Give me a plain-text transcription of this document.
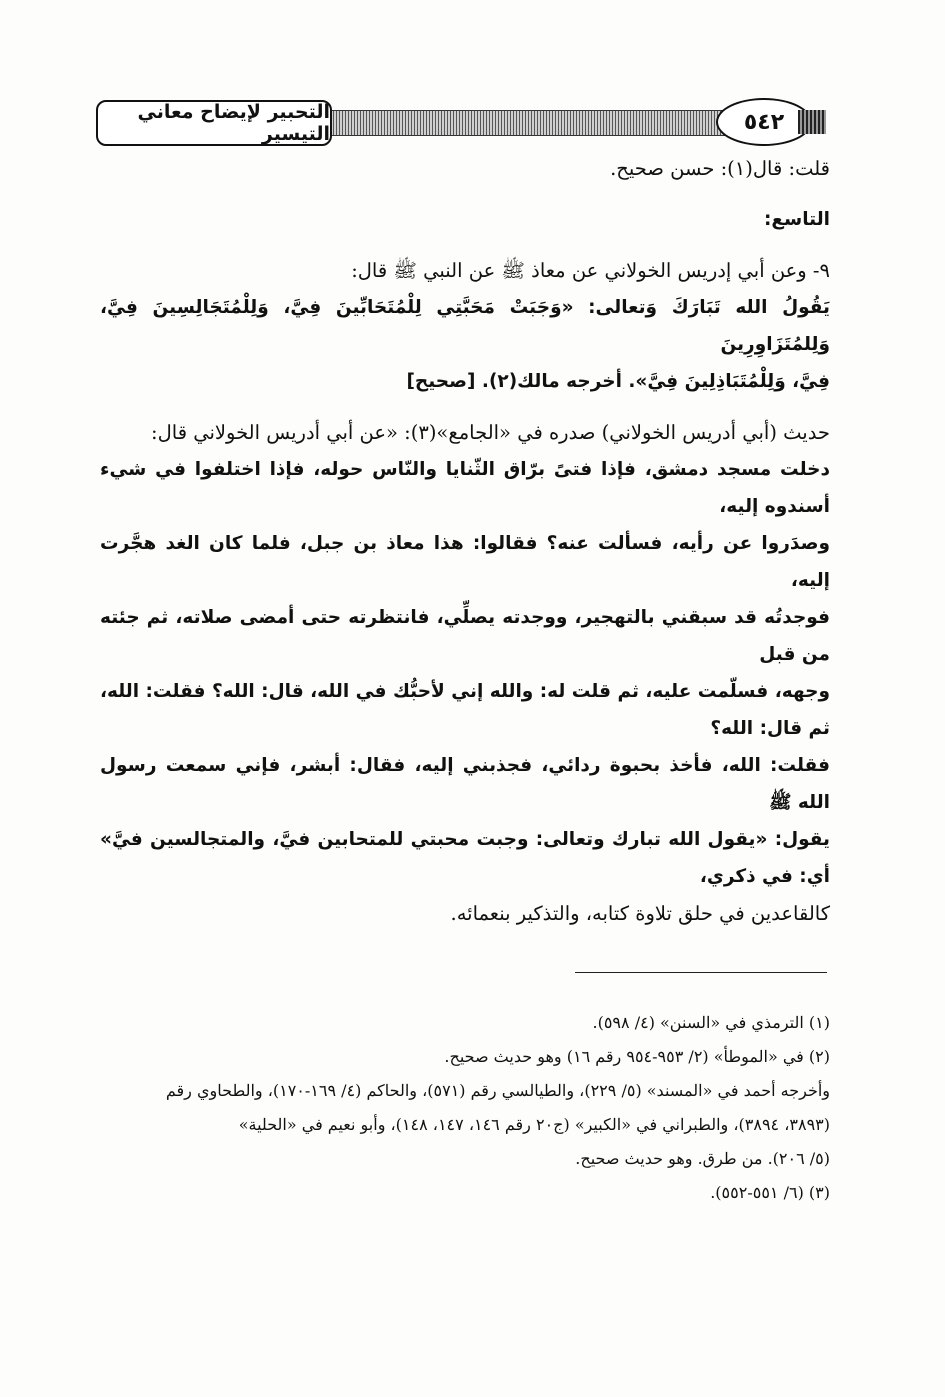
التحبير لإيضاح معاني التيسير	٥٤٢

قلت: قال(١): حسن صحيح.

التاسع:

٩- وعن أبي إدريس الخولاني عن معاذ ﷺ عن النبي ﷺ قال:

يَقُولُ الله تَبَارَكَ وَتعالى: «وَجَبَتْ مَحَبَّتِي لِلْمُتَحَابِّينَ فِيَّ، وَلِلْمُتَجَالِسِينَ فِيَّ، وَلِلمُتَزَاوِرِينَ

فِيَّ، وَلِلْمُتَبَاذِلِينَ فِيَّ». أخرجه مالك(٢). [صحيح]

حديث (أبي أدريس الخولاني) صدره في «الجامع»(٣): «عن أبي أدريس الخولاني قال:

دخلت مسجد دمشق، فإذا فتىً برّاق الثّنايا والنّاس حوله، فإذا اختلفوا في شيء أسندوه إليه،

وصدَروا عن رأيه، فسألت عنه؟ فقالوا: هذا معاذ بن جبل، فلما كان الغد هجَّرت إليه،

فوجدتُه قد سبقني بالتهجير، ووجدته يصلِّي، فانتظرته حتى أمضى صلاته، ثم جئته من قبل

وجهه، فسلّمت عليه، ثم قلت له: والله إني لأحبُّك في الله، قال: الله؟ فقلت: الله، ثم قال: الله؟

فقلت: الله، فأخذ بحبوة ردائي، فجذبني إليه، فقال: أبشر، فإني سمعت رسول الله ﷺ

يقول: «يقول الله تبارك وتعالى: وجبت محبتي للمتحابين فيَّ، والمتجالسين فيَّ» أي: في ذكري،

كالقاعدين في حلق تلاوة كتابه، والتذكير بنعمائه.

(١) الترمذي في «السنن» (٤/ ٥٩٨).

(٢) في «الموطأ» (٢/ ٩٥٣-٩٥٤ رقم ١٦) وهو حديث صحيح.

وأخرجه أحمد في «المسند» (٥/ ٢٢٩)، والطيالسي رقم (٥٧١)، والحاكم (٤/ ١٦٩-١٧٠)، والطحاوي رقم

(٣٨٩٣، ٣٨٩٤)، والطبراني في «الكبير» (ج٢٠ رقم ١٤٦، ١٤٧، ١٤٨)، وأبو نعيم في «الحلية»

(٥/ ٢٠٦). من طرق. وهو حديث صحيح.

(٣) (٦/ ٥٥١-٥٥٢).
